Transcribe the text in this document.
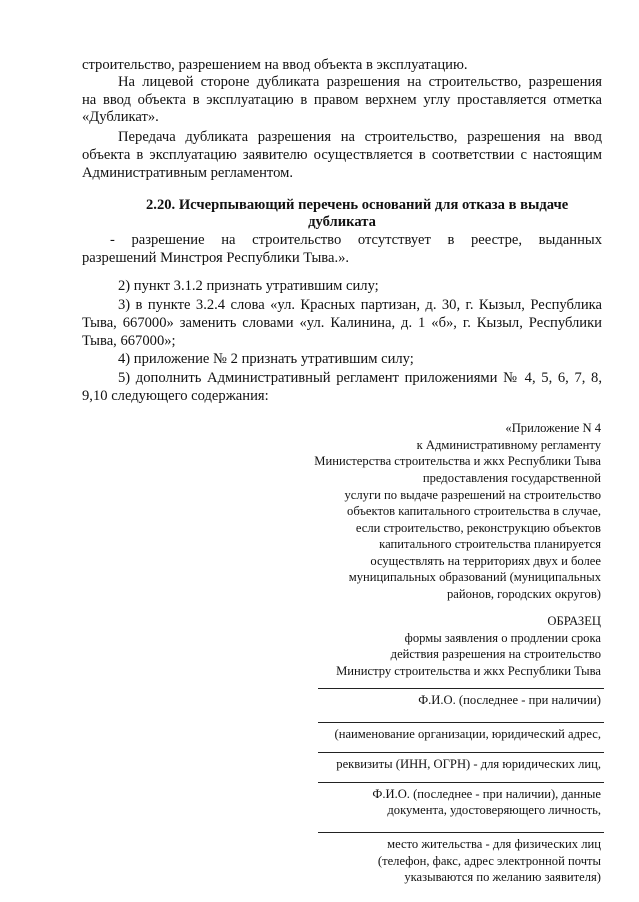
строительство, разрешением на ввод объекта в эксплуатацию.
На лицевой стороне дубликата разрешения на строительство, разрешения
на ввод объекта в эксплуатацию в правом верхнем углу проставляется отметка
«Дубликат».
Передача дубликата разрешения на строительство, разрешения на ввод
объекта в эксплуатацию заявителю осуществляется в соответствии с настоящим
Административным регламентом.
2.20. Исчерпывающий перечень оснований для отказа в выдаче
дубликата
- разрешение на строительство отсутствует в реестре, выданных
разрешений Минстроя Республики Тыва.».
2) пункт 3.1.2 признать утратившим силу;
3) в пункте 3.2.4 слова «ул. Красных партизан, д. 30, г. Кызыл, Республика
Тыва, 667000» заменить словами «ул. Калинина, д. 1 «б», г. Кызыл, Республики
Тыва, 667000»;
4) приложение № 2 признать утратившим силу;
5) дополнить Административный регламент приложениями № 4, 5, 6, 7, 8,
9,10 следующего содержания:
«Приложение N 4
к Административному регламенту
Министерства строительства и жкх Республики Тыва
предоставления государственной
услуги по выдаче разрешений на строительство
объектов капитального строительства в случае,
если строительство, реконструкцию объектов
капитального строительства планируется
осуществлять на территориях двух и более
муниципальных образований (муниципальных
районов, городских округов)
ОБРАЗЕЦ
формы заявления о продлении срока
действия разрешения на строительство
Министру строительства и жкх Республики Тыва
Ф.И.О. (последнее - при наличии)
(наименование организации, юридический адрес,
реквизиты (ИНН, ОГРН) - для юридических лиц,
Ф.И.О. (последнее - при наличии), данные
документа, удостоверяющего личность,
место жительства - для физических лиц
(телефон, факс, адрес электронной почты
указываются по желанию заявителя)
